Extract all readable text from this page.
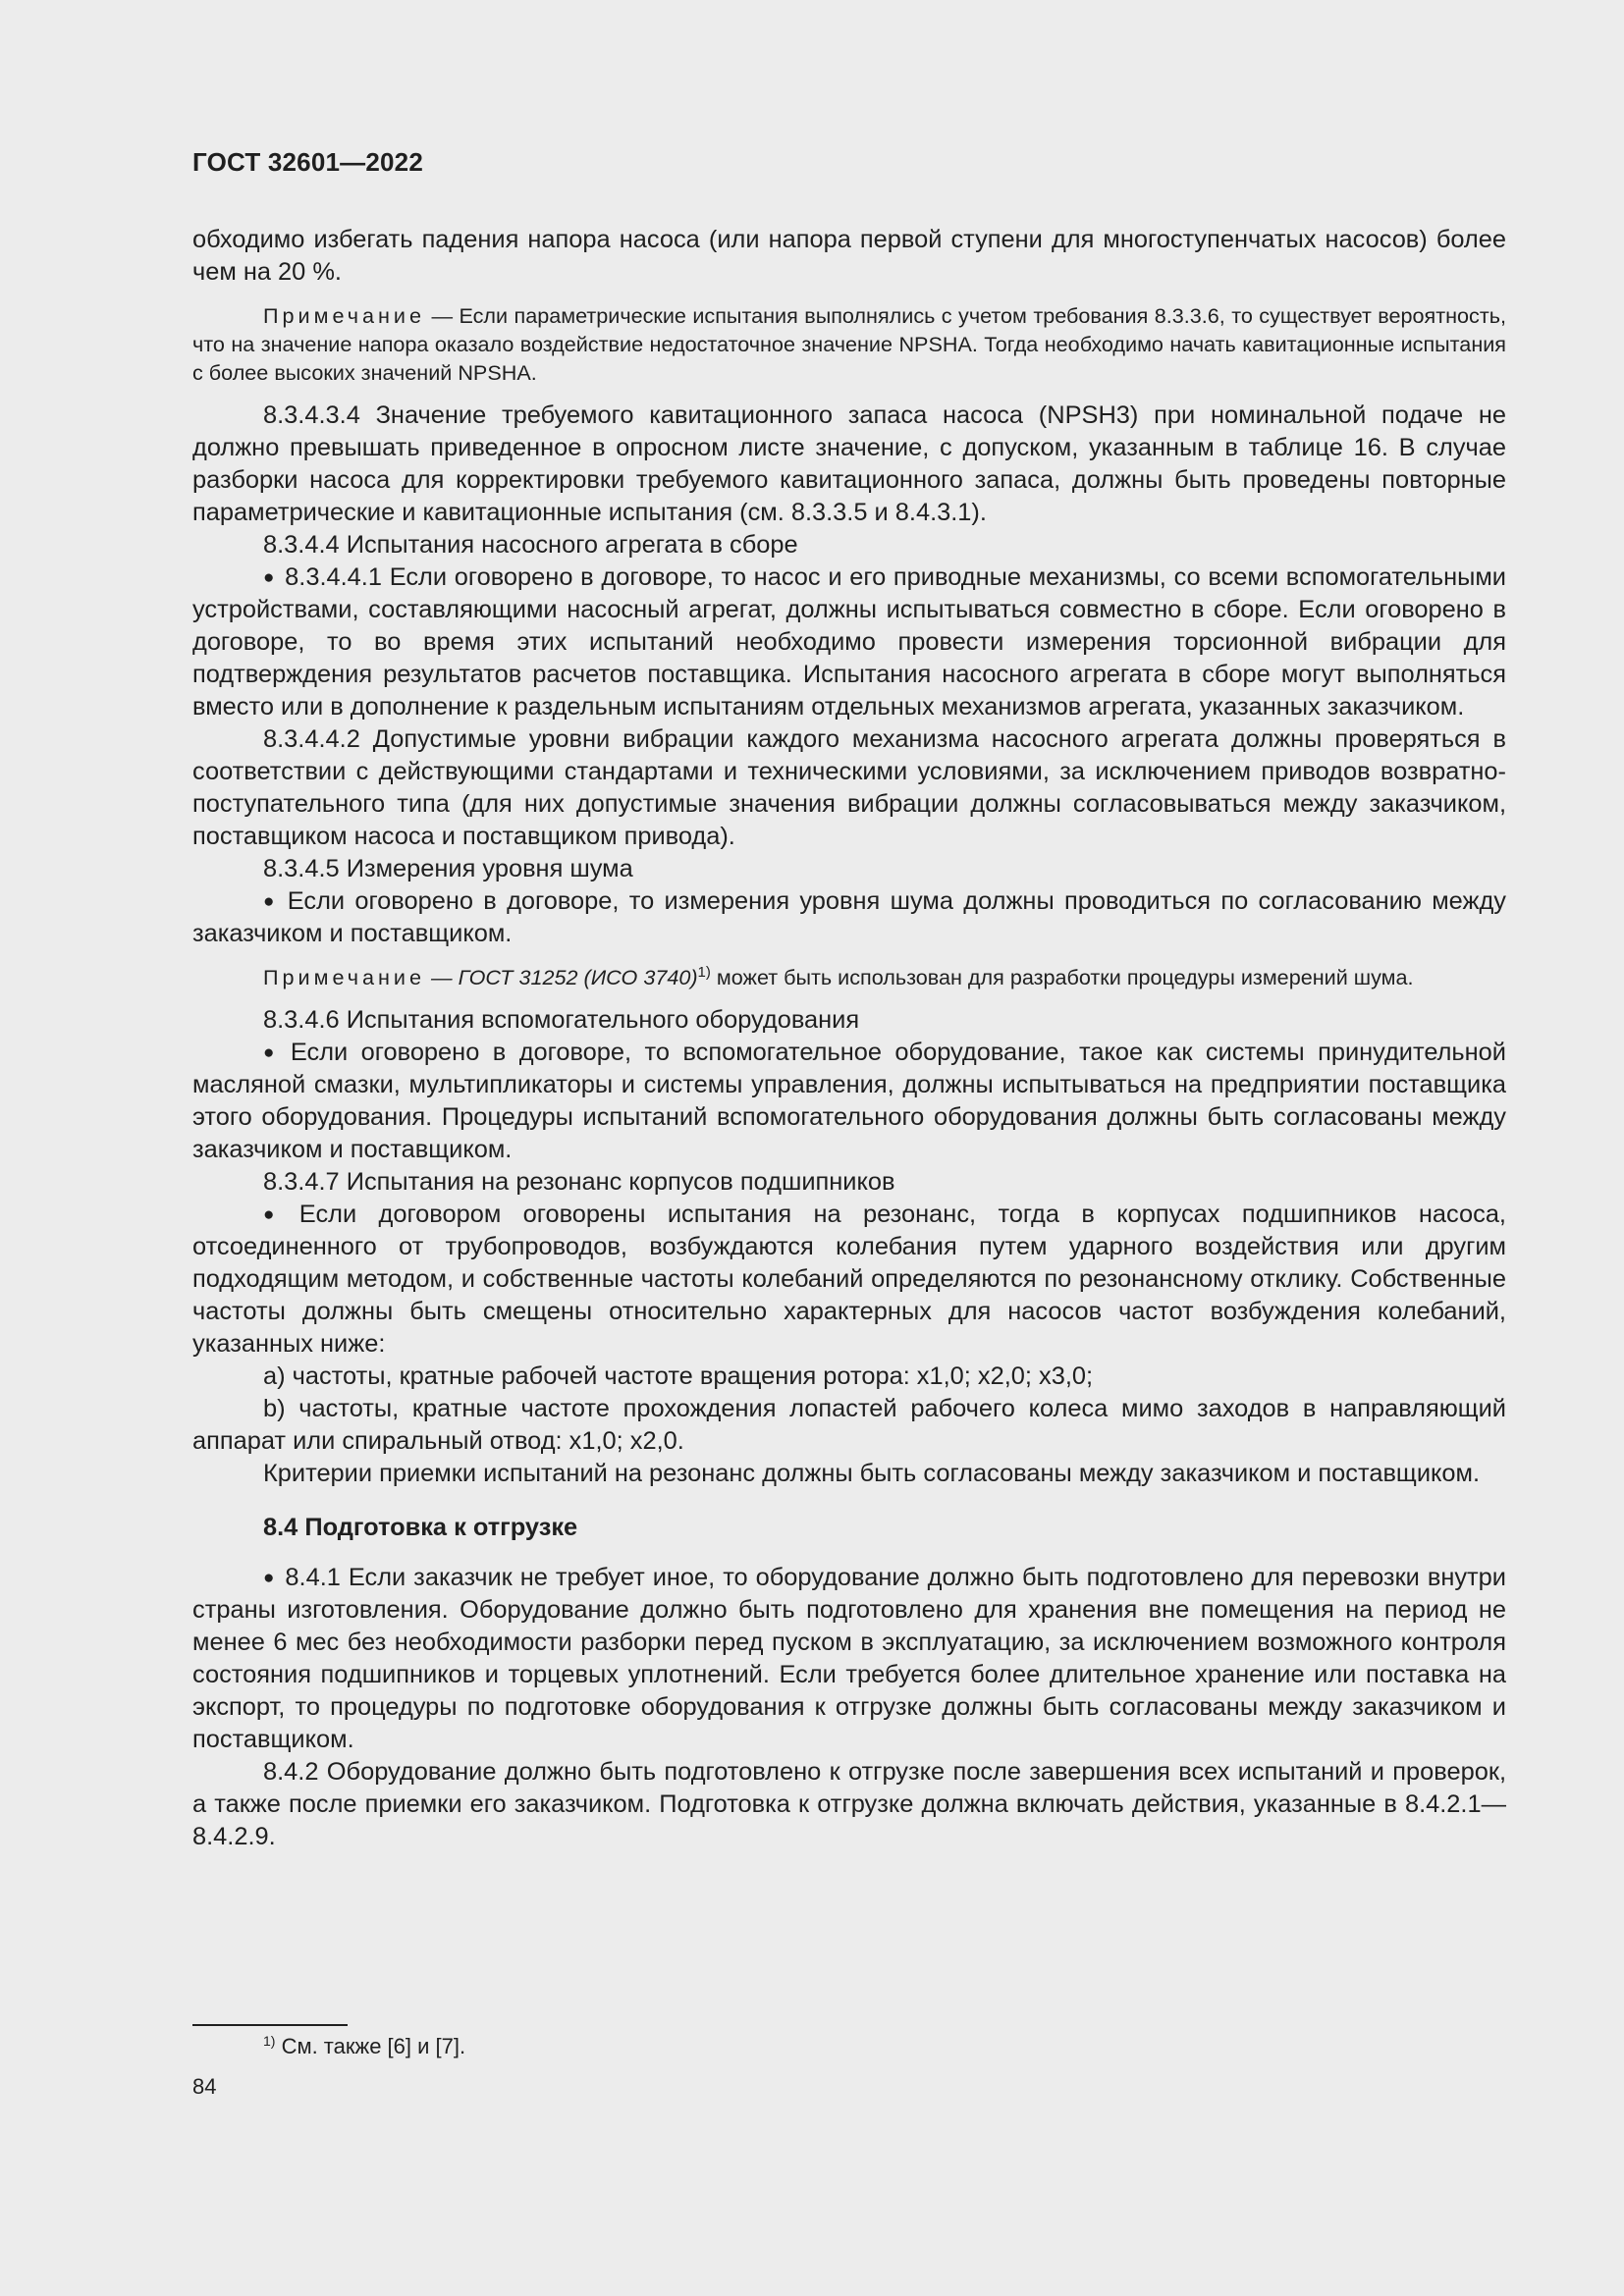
ГОСТ 32601—2022

обходимо избегать падения напора насоса (или напора первой ступени для многоступенчатых насосов) более чем на 20 %.

Примечание — Если параметрические испытания выполнялись с учетом требования 8.3.3.6, то существует вероятность, что на значение напора оказало воздействие недостаточное значение NPSHA. Тогда необходимо начать кавитационные испытания с более высоких значений NPSHA.

8.3.4.3.4 Значение требуемого кавитационного запаса насоса (NPSH3) при номинальной подаче не должно превышать приведенное в опросном листе значение, с допуском, указанным в таблице 16. В случае разборки насоса для корректировки требуемого кавитационного запаса, должны быть проведены повторные параметрические и кавитационные испытания (см. 8.3.3.5 и 8.4.3.1).

8.3.4.4 Испытания насосного агрегата в сборе

● 8.3.4.4.1 Если оговорено в договоре, то насос и его приводные механизмы, со всеми вспомогательными устройствами, составляющими насосный агрегат, должны испытываться совместно в сборе. Если оговорено в договоре, то во время этих испытаний необходимо провести измерения торсионной вибрации для подтверждения результатов расчетов поставщика. Испытания насосного агрегата в сборе могут выполняться вместо или в дополнение к раздельным испытаниям отдельных механизмов агрегата, указанных заказчиком.

8.3.4.4.2 Допустимые уровни вибрации каждого механизма насосного агрегата должны проверяться в соответствии с действующими стандартами и техническими условиями, за исключением приводов возвратно-поступательного типа (для них допустимые значения вибрации должны согласовываться между заказчиком, поставщиком насоса и поставщиком привода).

8.3.4.5 Измерения уровня шума

● Если оговорено в договоре, то измерения уровня шума должны проводиться по согласованию между заказчиком и поставщиком.

Примечание — ГОСТ 31252 (ИСО 3740)$^{1)}$ может быть использован для разработки процедуры измерений шума.

8.3.4.6 Испытания вспомогательного оборудования

● Если оговорено в договоре, то вспомогательное оборудование, такое как системы принудительной масляной смазки, мультипликаторы и системы управления, должны испытываться на предприятии поставщика этого оборудования. Процедуры испытаний вспомогательного оборудования должны быть согласованы между заказчиком и поставщиком.

8.3.4.7 Испытания на резонанс корпусов подшипников

● Если договором оговорены испытания на резонанс, тогда в корпусах подшипников насоса, отсоединенного от трубопроводов, возбуждаются колебания путем ударного воздействия или другим подходящим методом, и собственные частоты колебаний определяются по резонансному отклику. Собственные частоты должны быть смещены относительно характерных для насосов частот возбуждения колебаний, указанных ниже:

a) частоты, кратные рабочей частоте вращения ротора: x1,0; x2,0; x3,0;

b) частоты, кратные частоте прохождения лопастей рабочего колеса мимо заходов в направляющий аппарат или спиральный отвод: x1,0; x2,0.

Критерии приемки испытаний на резонанс должны быть согласованы между заказчиком и поставщиком.

8.4 Подготовка к отгрузке

● 8.4.1 Если заказчик не требует иное, то оборудование должно быть подготовлено для перевозки внутри страны изготовления. Оборудование должно быть подготовлено для хранения вне помещения на период не менее 6 мес без необходимости разборки перед пуском в эксплуатацию, за исключением возможного контроля состояния подшипников и торцевых уплотнений. Если требуется более длительное хранение или поставка на экспорт, то процедуры по подготовке оборудования к отгрузке должны быть согласованы между заказчиком и поставщиком.

8.4.2 Оборудование должно быть подготовлено к отгрузке после завершения всех испытаний и проверок, а также после приемки его заказчиком. Подготовка к отгрузке должна включать действия, указанные в 8.4.2.1—8.4.2.9.

$^{1)}$ См. также [6] и [7].
84
